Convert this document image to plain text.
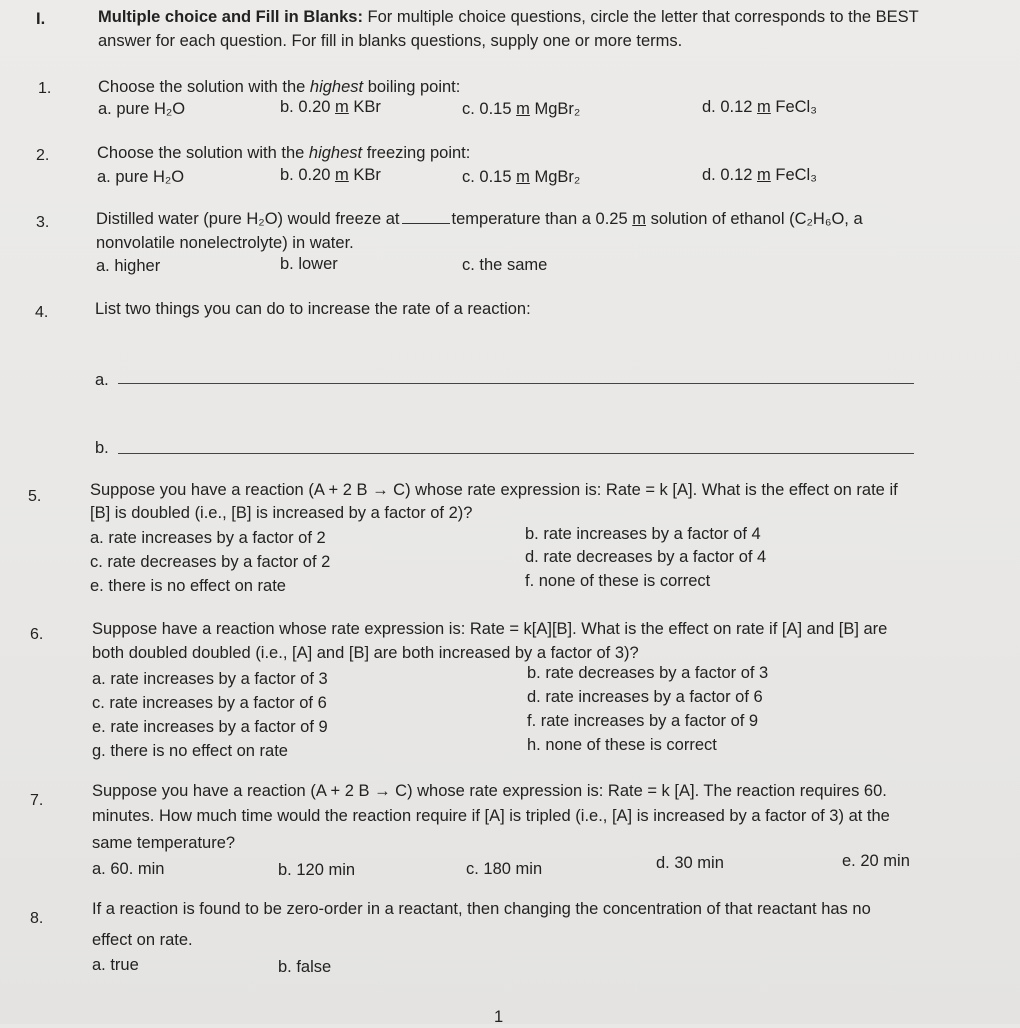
I.	Multiple choice and Fill in Blanks: For multiple choice questions, circle the letter that corresponds to the BEST
answer for each question. For fill in blanks questions, supply one or more terms.
1.	Choose the solution with the highest boiling point:
a. pure H₂O	b. 0.20 m KBr	c. 0.15 m MgBr₂	d. 0.12 m FeCl₃
2.	Choose the solution with the highest freezing point:
a. pure H₂O	b. 0.20 m KBr	c. 0.15 m MgBr₂	d. 0.12 m FeCl₃
3.	Distilled water (pure H₂O) would freeze at	temperature than a 0.25 m solution of ethanol (C₂H₆O, a
nonvolatile nonelectrolyte) in water.
a. higher	b. lower	c. the same
4.	List two things you can do to increase the rate of a reaction:
a.
b.
5.	Suppose you have a reaction (A + 2 B → C) whose rate expression is: Rate = k [A]. What is the effect on rate if
[B] is doubled (i.e., [B] is increased by a factor of 2)?
a. rate increases by a factor of 2	b. rate increases by a factor of 4
c. rate decreases by a factor of 2	d. rate decreases by a factor of 4
e. there is no effect on rate	f. none of these is correct
6.	Suppose have a reaction whose rate expression is: Rate = k[A][B]. What is the effect on rate if [A] and [B] are
both doubled doubled (i.e., [A] and [B] are both increased by a factor of 3)?
a. rate increases by a factor of 3	b. rate decreases by a factor of 3
c. rate increases by a factor of 6	d. rate increases by a factor of 6
e. rate increases by a factor of 9	f. rate increases by a factor of 9
g. there is no effect on rate	h. none of these is correct
7.
Suppose you have a reaction (A + 2 B → C) whose rate expression is: Rate = k [A]. The reaction requires 60.
minutes. How much time would the reaction require if [A] is tripled (i.e., [A] is increased by a factor of 3) at the
same temperature?
a. 60. min	b. 120 min	c. 180 min	d. 30 min	e. 20 min
8.
If a reaction is found to be zero-order in a reactant, then changing the concentration of that reactant has no
effect on rate.
a. true	b. false
1
